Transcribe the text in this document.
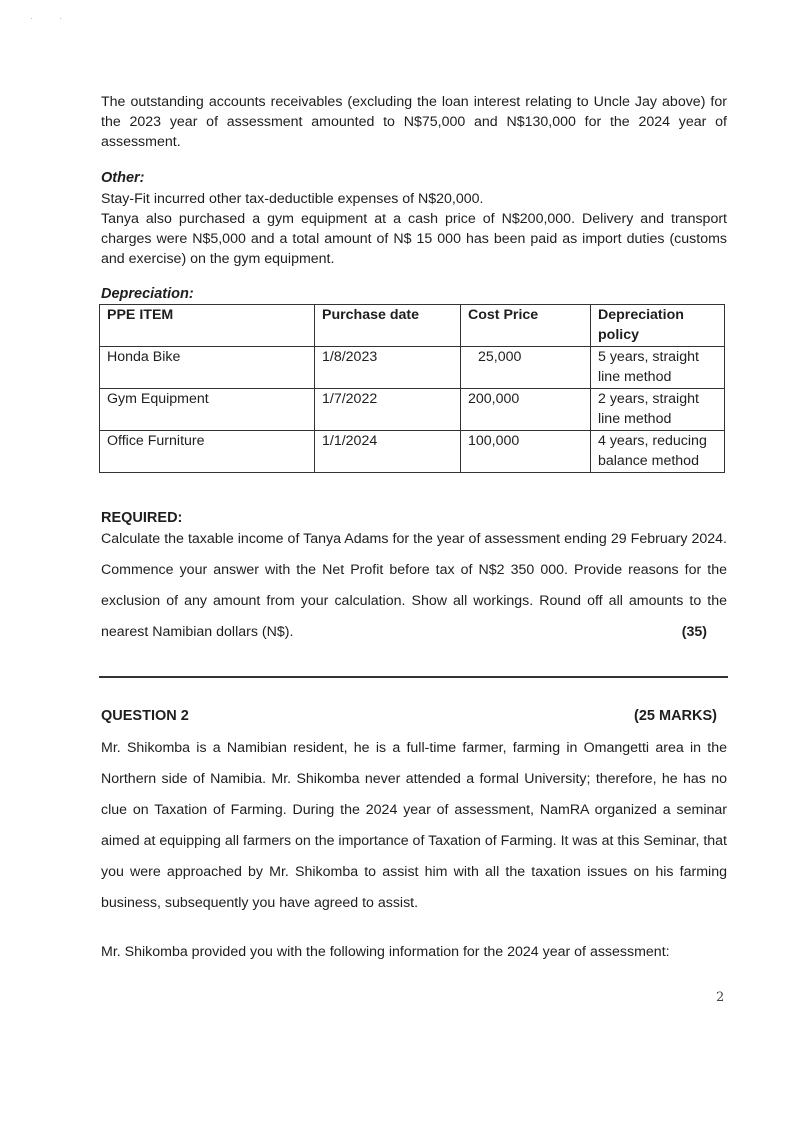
·            ·

The outstanding accounts receivables (excluding the loan interest relating to Uncle Jay above) for the 2023 year of assessment amounted to N$75,000 and N$130,000 for the 2024 year of assessment.

Other:

Stay-Fit incurred other tax-deductible expenses of N$20,000.

Tanya also purchased a gym equipment at a cash price of N$200,000. Delivery and transport charges were N$5,000 and a total amount of N$ 15 000 has been paid as import duties (customs and exercise) on the gym equipment.

Depreciation:

PPE ITEM	Purchase date	Cost Price	Depreciation policy
Honda Bike	1/8/2023	25,000	5 years, straight line method
Gym Equipment	1/7/2022	200,000	2 years, straight line method
Office Furniture	1/1/2024	100,000	4 years, reducing balance method

REQUIRED:

Calculate the taxable income of Tanya Adams for the year of assessment ending 29 February 2024. Commence your answer with the Net Profit before tax of N$2 350 000. Provide reasons for the exclusion of any amount from your calculation. Show all workings. Round off all amounts to the nearest Namibian dollars (N$).	(35)

QUESTION 2	(25 MARKS)

Mr. Shikomba is a Namibian resident, he is a full-time farmer, farming in Omangetti area in the Northern side of Namibia. Mr. Shikomba never attended a formal University; therefore, he has no clue on Taxation of Farming. During the 2024 year of assessment, NamRA organized a seminar aimed at equipping all farmers on the importance of Taxation of Farming. It was at this Seminar, that you were approached by Mr. Shikomba to assist him with all the taxation issues on his farming business, subsequently you have agreed to assist.

Mr. Shikomba provided you with the following information for the 2024 year of assessment:

2
